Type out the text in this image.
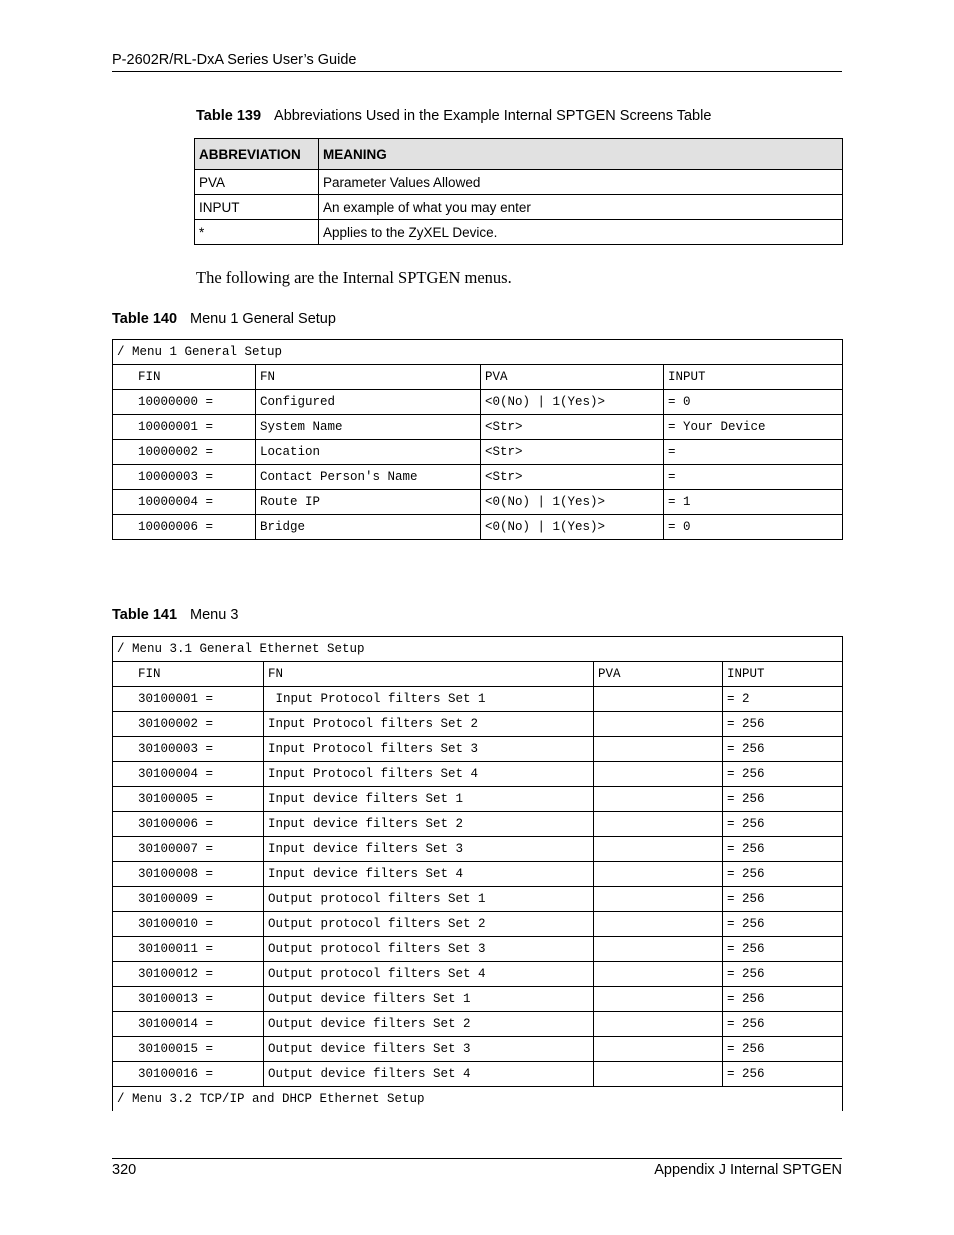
P-2602R/RL-DxA Series User’s Guide
Table 139 Abbreviations Used in the Example Internal SPTGEN Screens Table
ABBREVIATION	MEANING
PVA	Parameter Values Allowed
INPUT	An example of what you may enter
*	Applies to the ZyXEL Device.
The following are the Internal SPTGEN menus.
Table 140 Menu 1 General Setup
/ Menu 1 General Setup			
FIN	FN	PVA	INPUT
10000000 =	Configured	<0(No) | 1(Yes)>	= 0
10000001 =	System Name	<Str>	= Your Device
10000002 =	Location	<Str>	=
10000003 =	Contact Person's Name	<Str>	=
10000004 =	Route IP	<0(No) | 1(Yes)>	= 1
10000006 =	Bridge	<0(No) | 1(Yes)>	= 0
Table 141 Menu 3
/ Menu 3.1 General Ethernet Setup			
FIN	FN	PVA	INPUT
30100001 =	Input Protocol filters Set 1		= 2
30100002 =	Input Protocol filters Set 2		= 256
30100003 =	Input Protocol filters Set 3		= 256
30100004 =	Input Protocol filters Set 4		= 256
30100005 =	Input device filters Set 1		= 256
30100006 =	Input device filters Set 2		= 256
30100007 =	Input device filters Set 3		= 256
30100008 =	Input device filters Set 4		= 256
30100009 =	Output protocol filters Set 1		= 256
30100010 =	Output protocol filters Set 2		= 256
30100011 =	Output protocol filters Set 3		= 256
30100012 =	Output protocol filters Set 4		= 256
30100013 =	Output device filters Set 1		= 256
30100014 =	Output device filters Set 2		= 256
30100015 =	Output device filters Set 3		= 256
30100016 =	Output device filters Set 4		= 256
/ Menu 3.2 TCP/IP and DHCP Ethernet Setup			
320	Appendix J Internal SPTGEN
